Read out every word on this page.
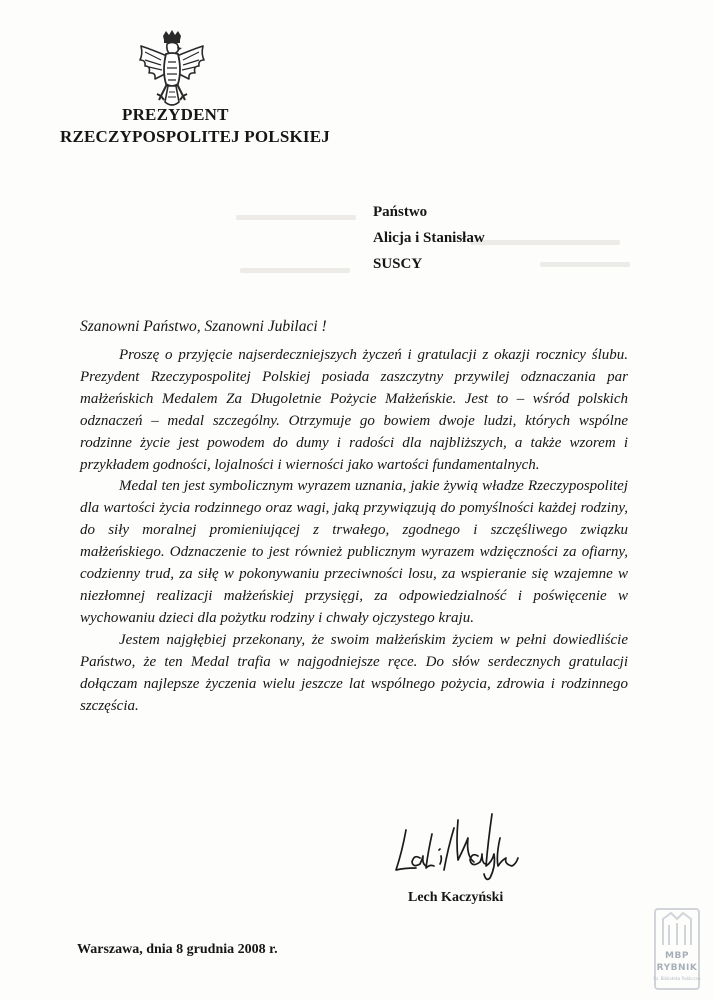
PREZYDENT
RZECZYPOSPOLITEJ POLSKIEJ
Państwo
Alicja i Stanisław
SUSCY
Szanowni Państwo, Szanowni Jubilaci !

Proszę o przyjęcie najserdeczniejszych życzeń i gratulacji z okazji rocznicy ślubu. Prezydent Rzeczypospolitej Polskiej posiada zaszczytny przywilej odznaczania par małżeńskich Medalem Za Długoletnie Pożycie Małżeńskie. Jest to – wśród polskich odznaczeń – medal szczególny. Otrzymuje go bowiem dwoje ludzi, których wspólne rodzinne życie jest powodem do dumy i radości dla najbliższych, a także wzorem i przykładem godności, lojalności i wierności jako wartości fundamentalnych.

Medal ten jest symbolicznym wyrazem uznania, jakie żywią władze Rzeczypospolitej dla wartości życia rodzinnego oraz wagi, jaką przywiązują do pomyślności każdej rodziny, do siły moralnej promieniującej z trwałego, zgodnego i szczęśliwego związku małżeńskiego. Odznaczenie to jest również publicznym wyrazem wdzięczności za ofiarny, codzienny trud, za siłę w pokonywaniu przeciwności losu, za wspieranie się wzajemne w niezłomnej realizacji małżeńskiej przysięgi, za odpowiedzialność i poświęcenie w wychowaniu dzieci dla pożytku rodziny i chwały ojczystego kraju.

Jestem najgłębiej przekonany, że swoim małżeńskim życiem w pełni dowiedliście Państwo, że ten Medal trafia w najgodniejsze ręce. Do słów serdecznych gratulacji dołączam najlepsze życzenia wielu jeszcze lat wspólnego pożycia, zdrowia i rodzinnego szczęścia.

Lech Kaczyński
Warszawa, dnia 8 grudnia 2008 r.	MBP RYBNIK
Sz. Biblioteka Publiczna
